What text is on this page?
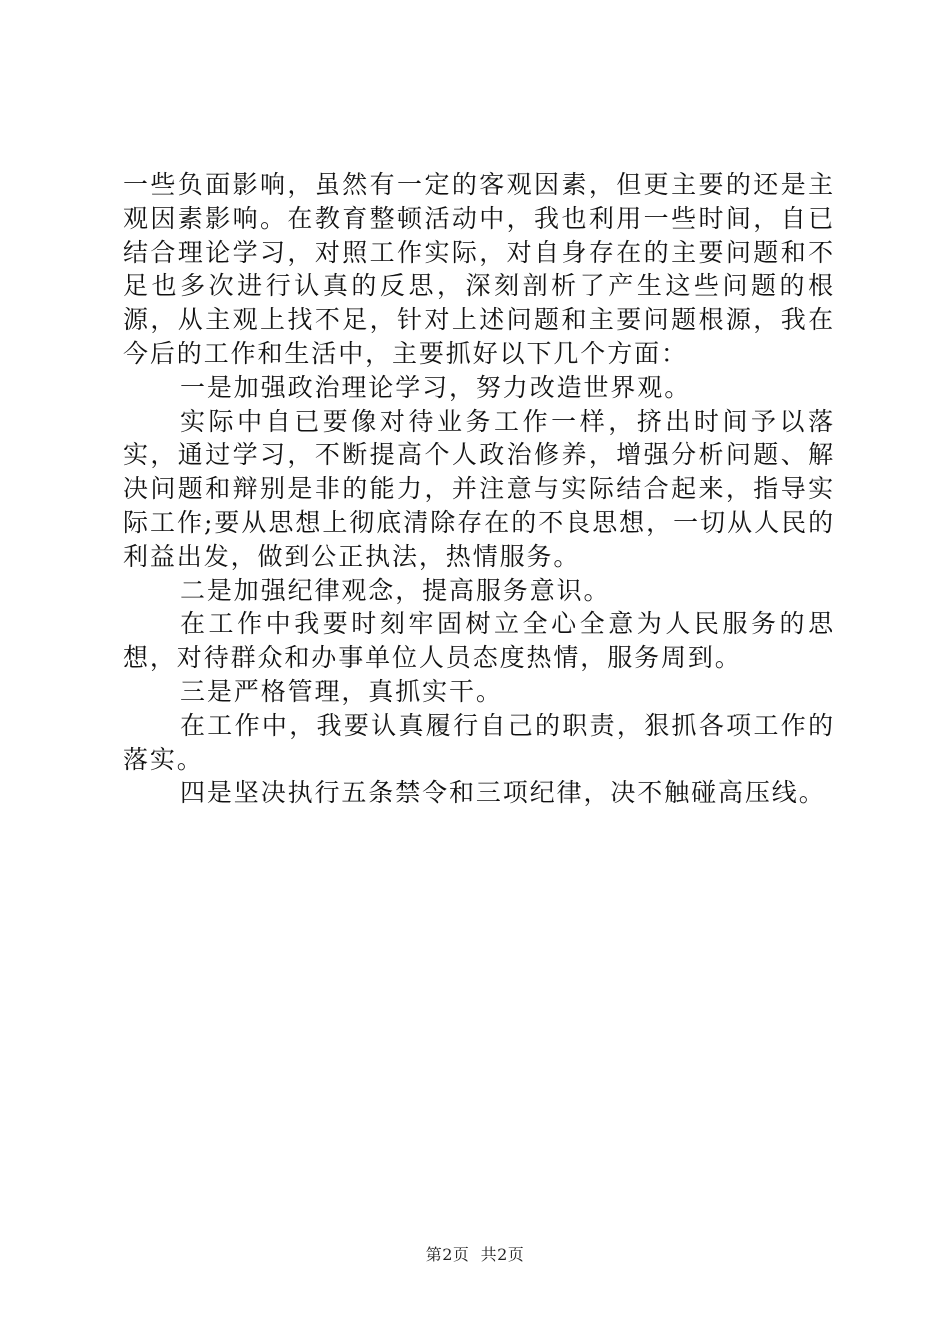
一些负面影响，虽然有一定的客观因素，但更主要的还是主观因素影响。在教育整顿活动中，我也利用一些时间，自已结合理论学习，对照工作实际，对自身存在的主要问题和不足也多次进行认真的反思，深刻剖析了产生这些问题的根源，从主观上找不足，针对上述问题和主要问题根源，我在今后的工作和生活中，主要抓好以下几个方面：

一是加强政治理论学习，努力改造世界观。

实际中自已要像对待业务工作一样，挤出时间予以落实，通过学习，不断提高个人政治修养，增强分析问题、解决问题和辩别是非的能力，并注意与实际结合起来，指导实际工作;要从思想上彻底清除存在的不良思想，一切从人民的利益出发，做到公正执法，热情服务。

二是加强纪律观念，提高服务意识。

在工作中我要时刻牢固树立全心全意为人民服务的思想，对待群众和办事单位人员态度热情，服务周到。

三是严格管理，真抓实干。

在工作中，我要认真履行自己的职责，狠抓各项工作的落实。

四是坚决执行五条禁令和三项纪律，决不触碰高压线。

第2页  共2页
